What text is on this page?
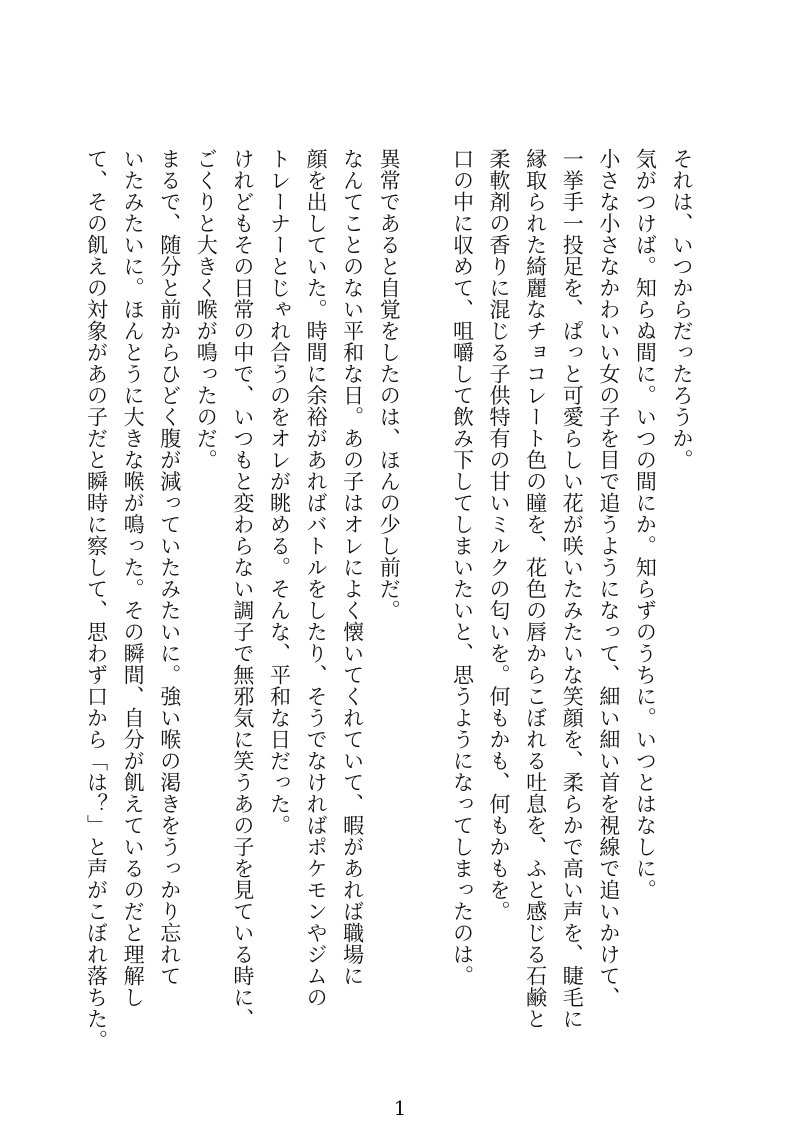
それは、いつからだったろうか。
気がつけば。知らぬ間に。いつの間にか。知らずのうちに。いつとはなしに。
小さな小さなかわいい女の子を目で追うようになって、細い細い首を視線で追いかけて、
一挙手一投足を、ぱっと可愛らしい花が咲いたみたいな笑顔を、柔らかで高い声を、睫毛に
縁取られた綺麗なチョコレート色の瞳を、花色の唇からこぼれる吐息を、ふと感じる石鹸と
柔軟剤の香りに混じる子供特有の甘いミルクの匂いを。何もかも、何もかもを。
口の中に収めて、咀嚼して飲み下してしまいたいと、思うようになってしまったのは。
異常であると自覚をしたのは、ほんの少し前だ。
なんてことのない平和な日。あの子はオレによく懐いてくれていて、暇があれば職場に
顔を出していた。時間に余裕があればバトルをしたり、そうでなければポケモンやジムの
トレーナーとじゃれ合うのをオレが眺める。そんな、平和な日だった。
けれどもその日常の中で、いつもと変わらない調子で無邪気に笑うあの子を見ている時に、
ごくりと大きく喉が鳴ったのだ。
まるで、随分と前からひどく腹が減っていたみたいに。強い喉の渇きをうっかり忘れて
いたみたいに。ほんとうに大きな喉が鳴った。その瞬間、自分が飢えているのだと理解し
て、その飢えの対象があの子だと瞬時に察して、思わず口から「は？」と声がこぼれ落ちた。
1
